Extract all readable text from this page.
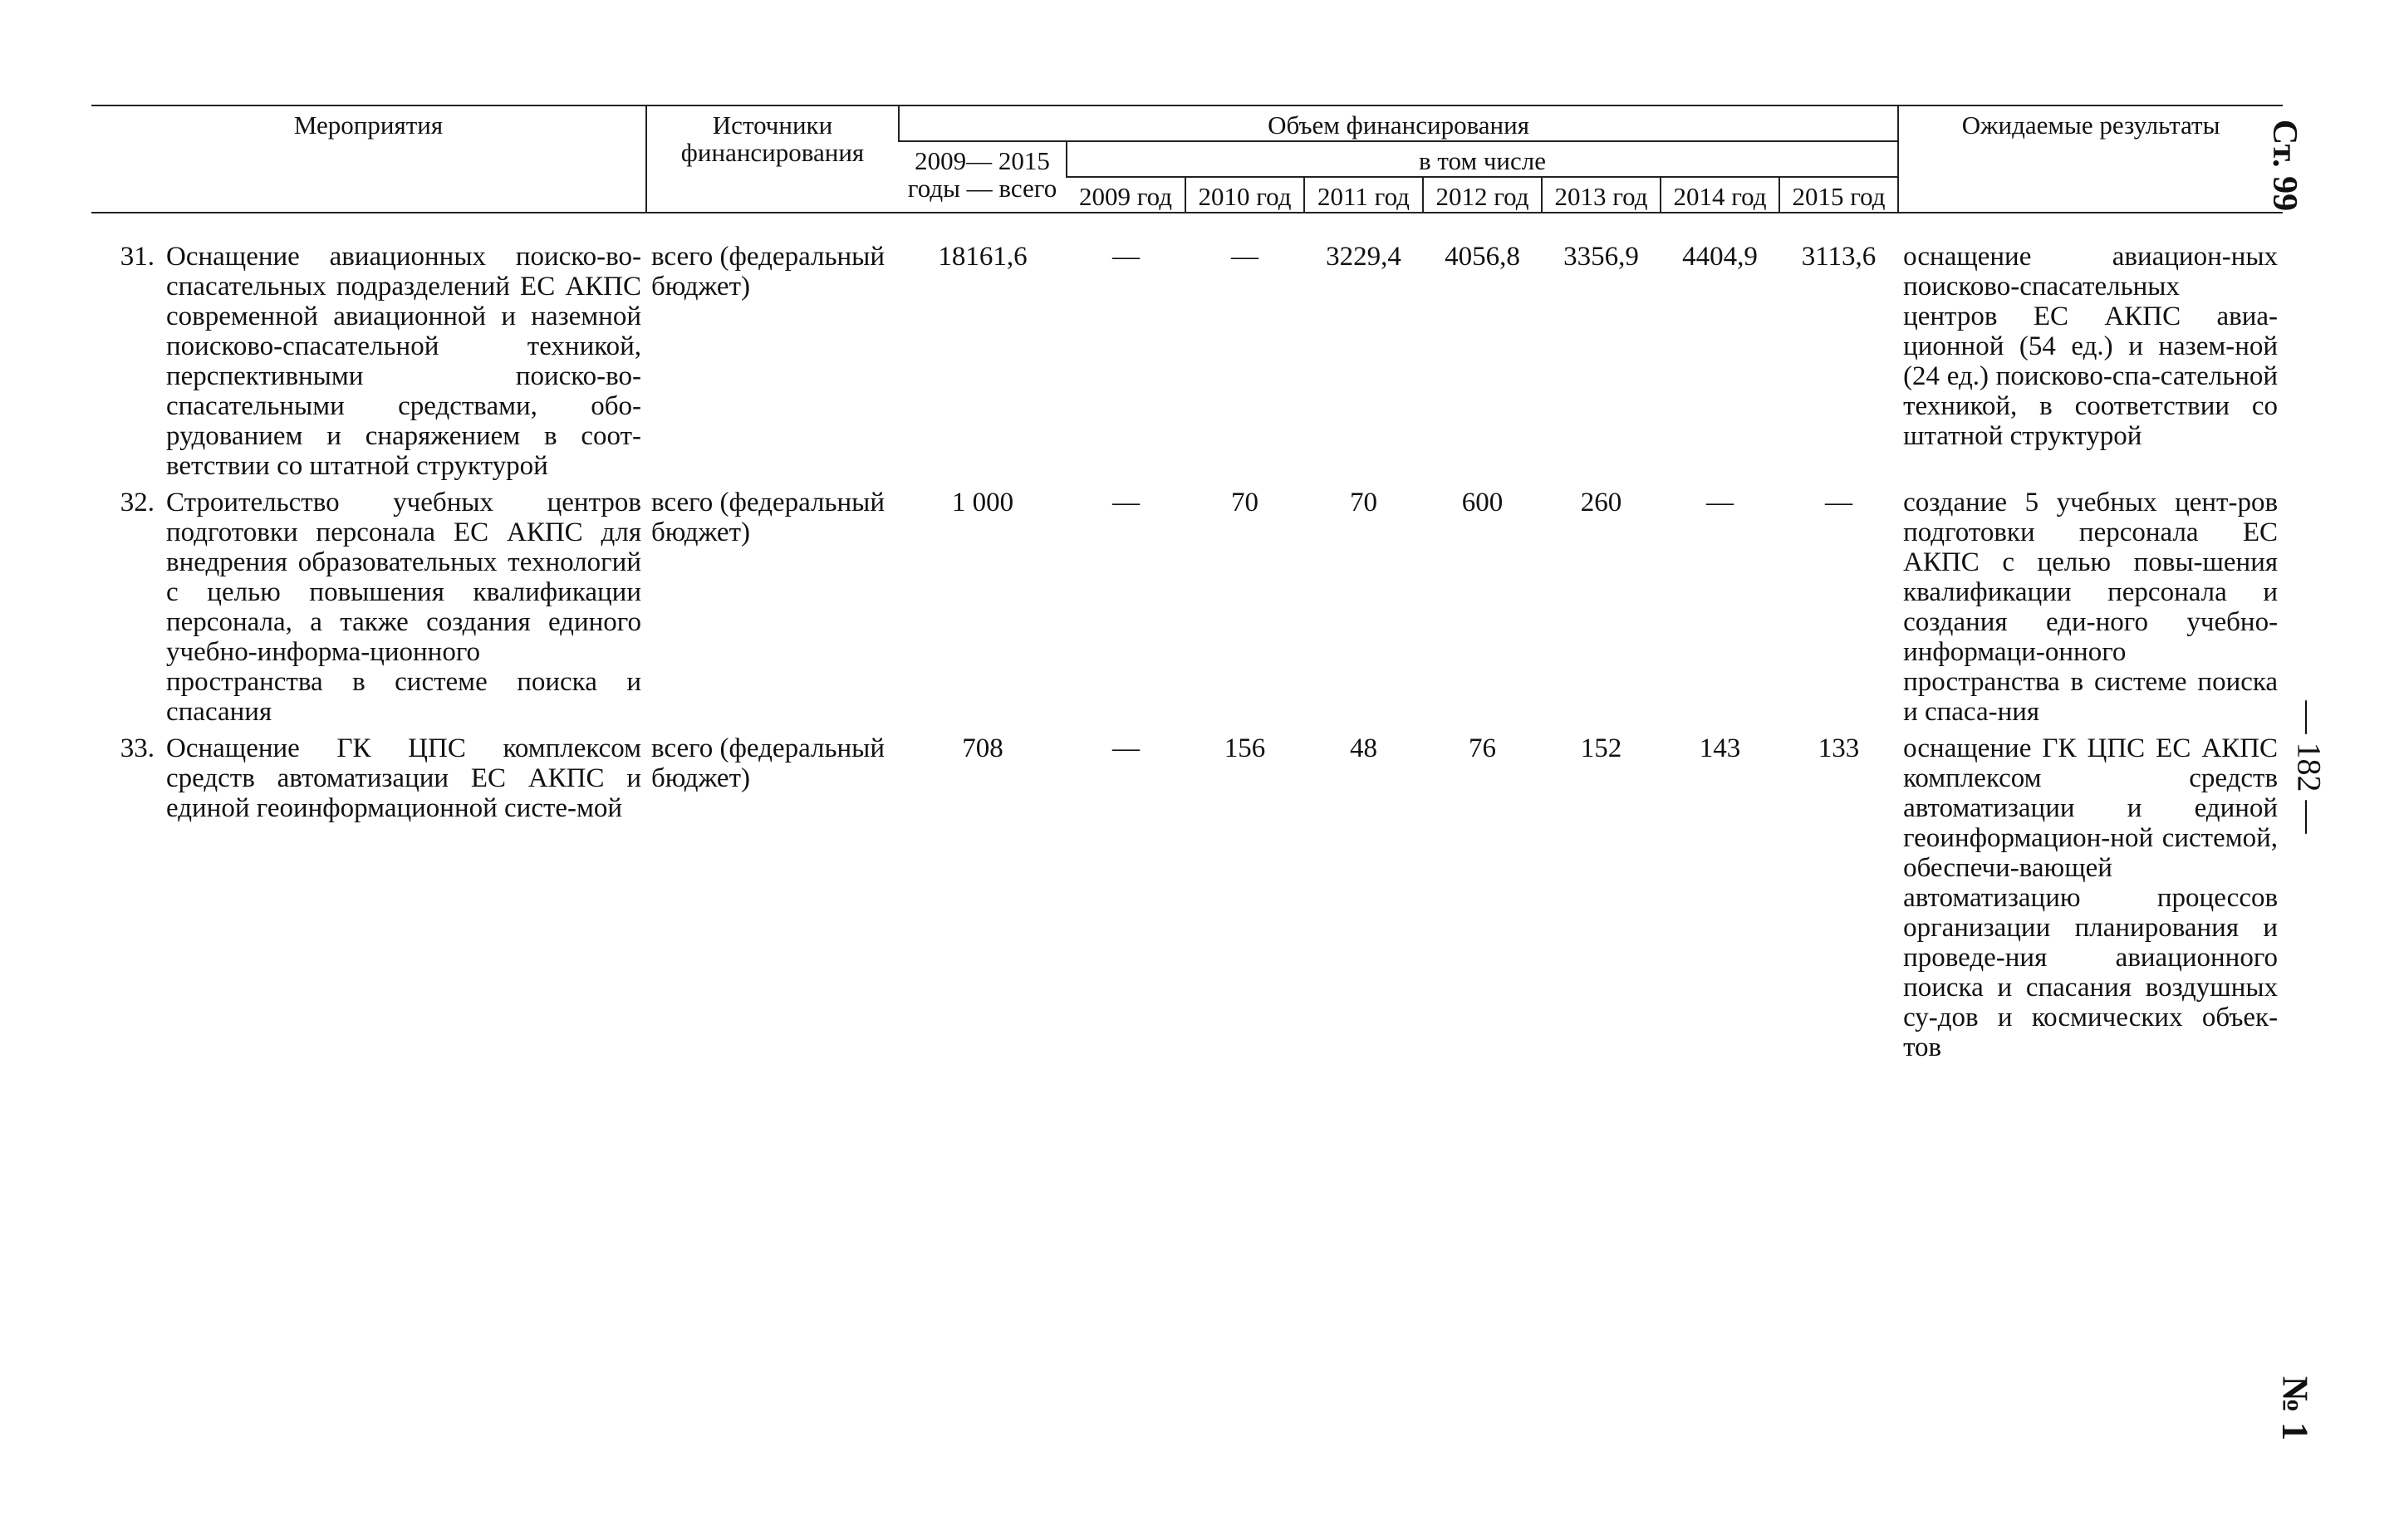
Мероприятия	Источники финансирования	Объем финансирования								Ожидаемые результаты
		2009— 2015 годы — всего	в том числе							
			2009 год	2010 год	2011 год	2012 год	2013 год	2014 год	2015 год	

31. Оснащение авиационных поиско-во-спасательных подразделений ЕС АКПС современной авиационной и наземной поисково-спасательной техникой, перспективными поиско-во-спасательными средствами, обо-рудованием и снаряжением в соот-ветствии со штатной структурой	всего (федеральный бюджет)	18161,6	—	—	3229,4	4056,8	3356,9	4404,9	3113,6	оснащение авиацион-ных поисково-спасательных центров ЕС АКПС авиа-ционной (54 ед.) и назем-ной (24 ед.) поисково-спа-сательной техникой, в соответствии со штатной структурой

32. Строительство учебных центров подготовки персонала ЕС АКПС для внедрения образовательных технологий с целью повышения квалификации персонала, а также создания единого учебно-информа-ционного пространства в системе поиска и спасания	всего (федеральный бюджет)	1 000	—	70	70	600	260	—	—	создание 5 учебных цент-ров подготовки персонала ЕС АКПС с целью повы-шения квалификации персонала и создания еди-ного учебно-информаци-онного пространства в системе поиска и спаса-ния

33. Оснащение ГК ЦПС комплексом средств автоматизации ЕС АКПС и единой геоинформационной систе-мой	всего (федеральный бюджет)	708	—	156	48	76	152	143	133	оснащение ГК ЦПС ЕС АКПС комплексом средств автоматизации и единой геоинформацион-ной системой, обеспечи-вающей автоматизацию процессов организации планирования и проведе-ния авиационного поиска и спасания воздушных су-дов и космических объек-тов
Ст. 99
— 182 —
№ 1
